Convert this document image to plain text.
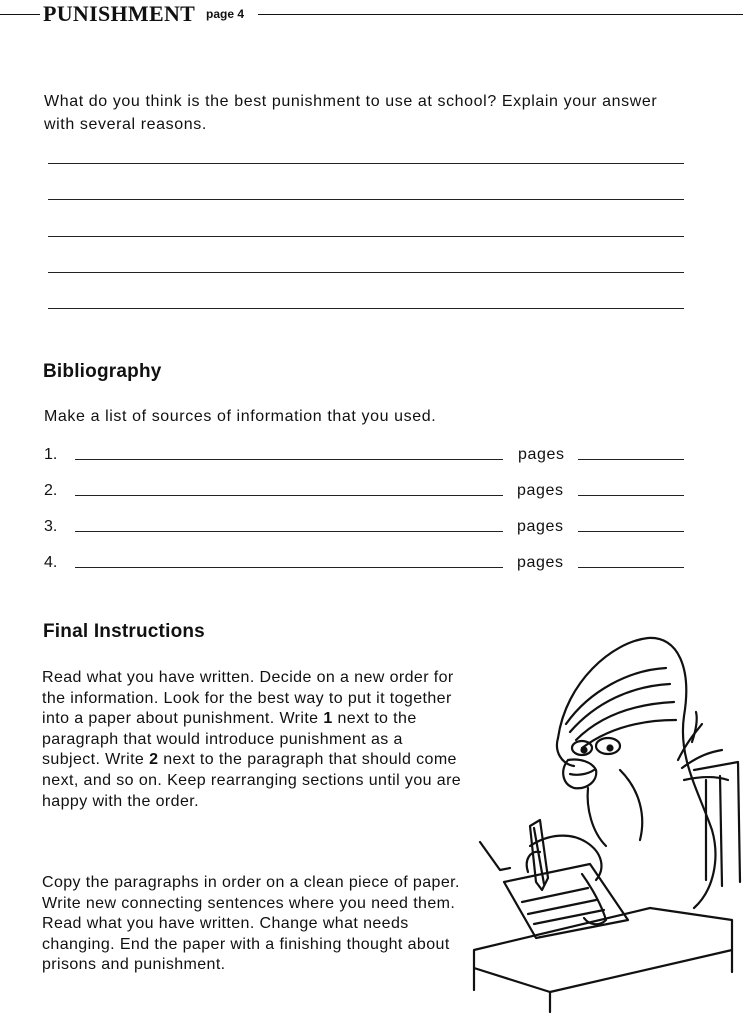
PUNISHMENT page 4
What do you think is the best punishment to use at school? Explain your answer with several reasons.
Bibliography
Make a list of sources of information that you used.
1.	pages
2.	pages
3.	pages
4.	pages
Final Instructions
Read what you have written. Decide on a new order for the information. Look for the best way to put it together into a paper about punishment. Write 1 next to the paragraph that would introduce punishment as a subject. Write 2 next to the paragraph that should come next, and so on. Keep rearranging sections until you are happy with the order.
Copy the paragraphs in order on a clean piece of paper. Write new connecting sentences where you need them. Read what you have written. Change what needs changing. End the paper with a finishing thought about prisons and punishment.
